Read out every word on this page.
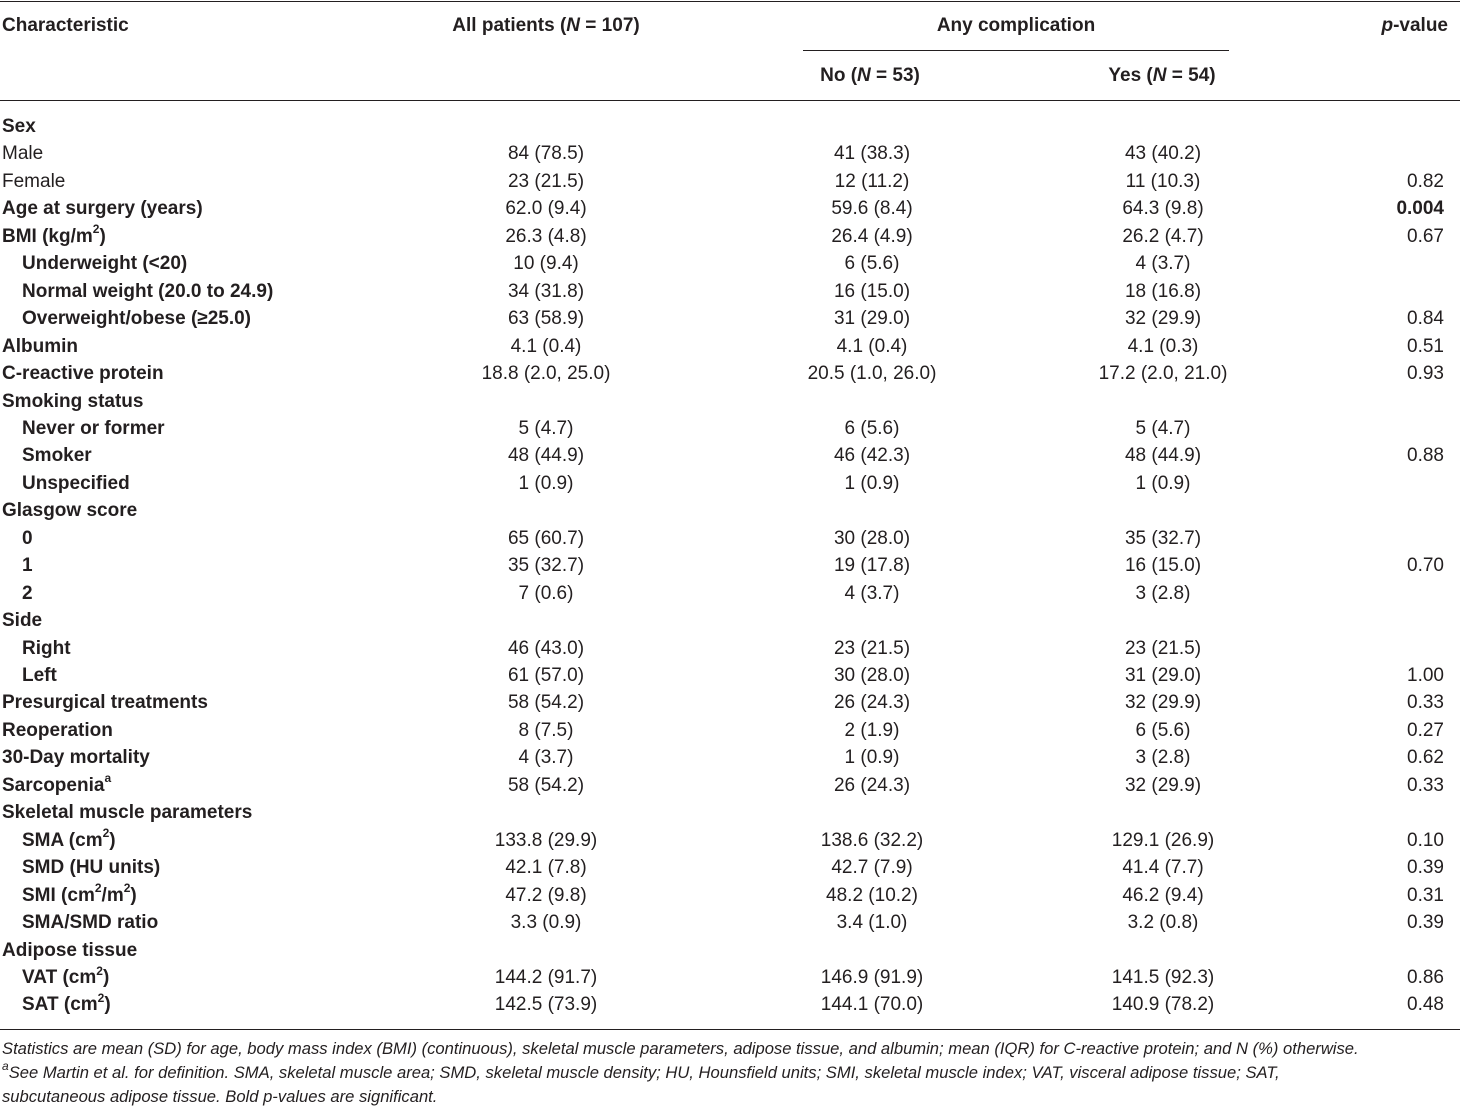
Characteristic	All patients (N = 107)	Any complication	p-value
No (N = 53)	Yes (N = 54)
Sex
Male	84 (78.5)	41 (38.3)	43 (40.2)
Female	23 (21.5)	12 (11.2)	11 (10.3)	0.82
Age at surgery (years)	62.0 (9.4)	59.6 (8.4)	64.3 (9.8)	0.004
BMI $(kg/m^2)$	26.3 (4.8)	26.4 (4.9)	26.2 (4.7)	0.67
Underweight (<20)	10 (9.4)	6 (5.6)	4 (3.7)
Normal weight (20.0 to 24.9)	34 (31.8)	16 (15.0)	18 (16.8)
Overweight/obese (≥25.0)	63 (58.9)	31 (29.0)	32 (29.9)	0.84
Albumin	4.1 (0.4)	4.1 (0.4)	4.1 (0.3)	0.51
C-reactive protein	18.8 (2.0, 25.0)	20.5 (1.0, 26.0)	17.2 (2.0, 21.0)	0.93
Smoking status
Never or former	5 (4.7)	6 (5.6)	5 (4.7)
Smoker	48 (44.9)	46 (42.3)	48 (44.9)	0.88
Unspecified	1 (0.9)	1 (0.9)	1 (0.9)
Glasgow score
0	65 (60.7)	30 (28.0)	35 (32.7)
1	35 (32.7)	19 (17.8)	16 (15.0)	0.70
2	7 (0.6)	4 (3.7)	3 (2.8)
Side
Right	46 (43.0)	23 (21.5)	23 (21.5)
Left	61 (57.0)	30 (28.0)	31 (29.0)	1.00
Presurgical treatments	58 (54.2)	26 (24.3)	32 (29.9)	0.33
Reoperation	8 (7.5)	2 (1.9)	6 (5.6)	0.27
30-Day mortality	4 (3.7)	1 (0.9)	3 (2.8)	0.62
Sarcopenia$^a$	58 (54.2)	26 (24.3)	32 (29.9)	0.33
Skeletal muscle parameters
SMA $(cm^2)$	133.8 (29.9)	138.6 (32.2)	129.1 (26.9)	0.10
SMD (HU units)	42.1 (7.8)	42.7 (7.9)	41.4 (7.7)	0.39
SMI $(cm^2/m^2)$	47.2 (9.8)	48.2 (10.2)	46.2 (9.4)	0.31
SMA/SMD ratio	3.3 (0.9)	3.4 (1.0)	3.2 (0.8)	0.39
Adipose tissue
VAT $(cm^2)$	144.2 (91.7)	146.9 (91.9)	141.5 (92.3)	0.86
SAT $(cm^2)$	142.5 (73.9)	144.1 (70.0)	140.9 (78.2)	0.48

Statistics are mean (SD) for age, body mass index (BMI) (continuous), skeletal muscle parameters, adipose tissue, and albumin; mean (IQR) for C-reactive protein; and N (%) otherwise.

$^a$See Martin et al. for definition. SMA, skeletal muscle area; SMD, skeletal muscle density; HU, Hounsfield units; SMI, skeletal muscle index; VAT, visceral adipose tissue; SAT,

subcutaneous adipose tissue. Bold p-values are significant.
